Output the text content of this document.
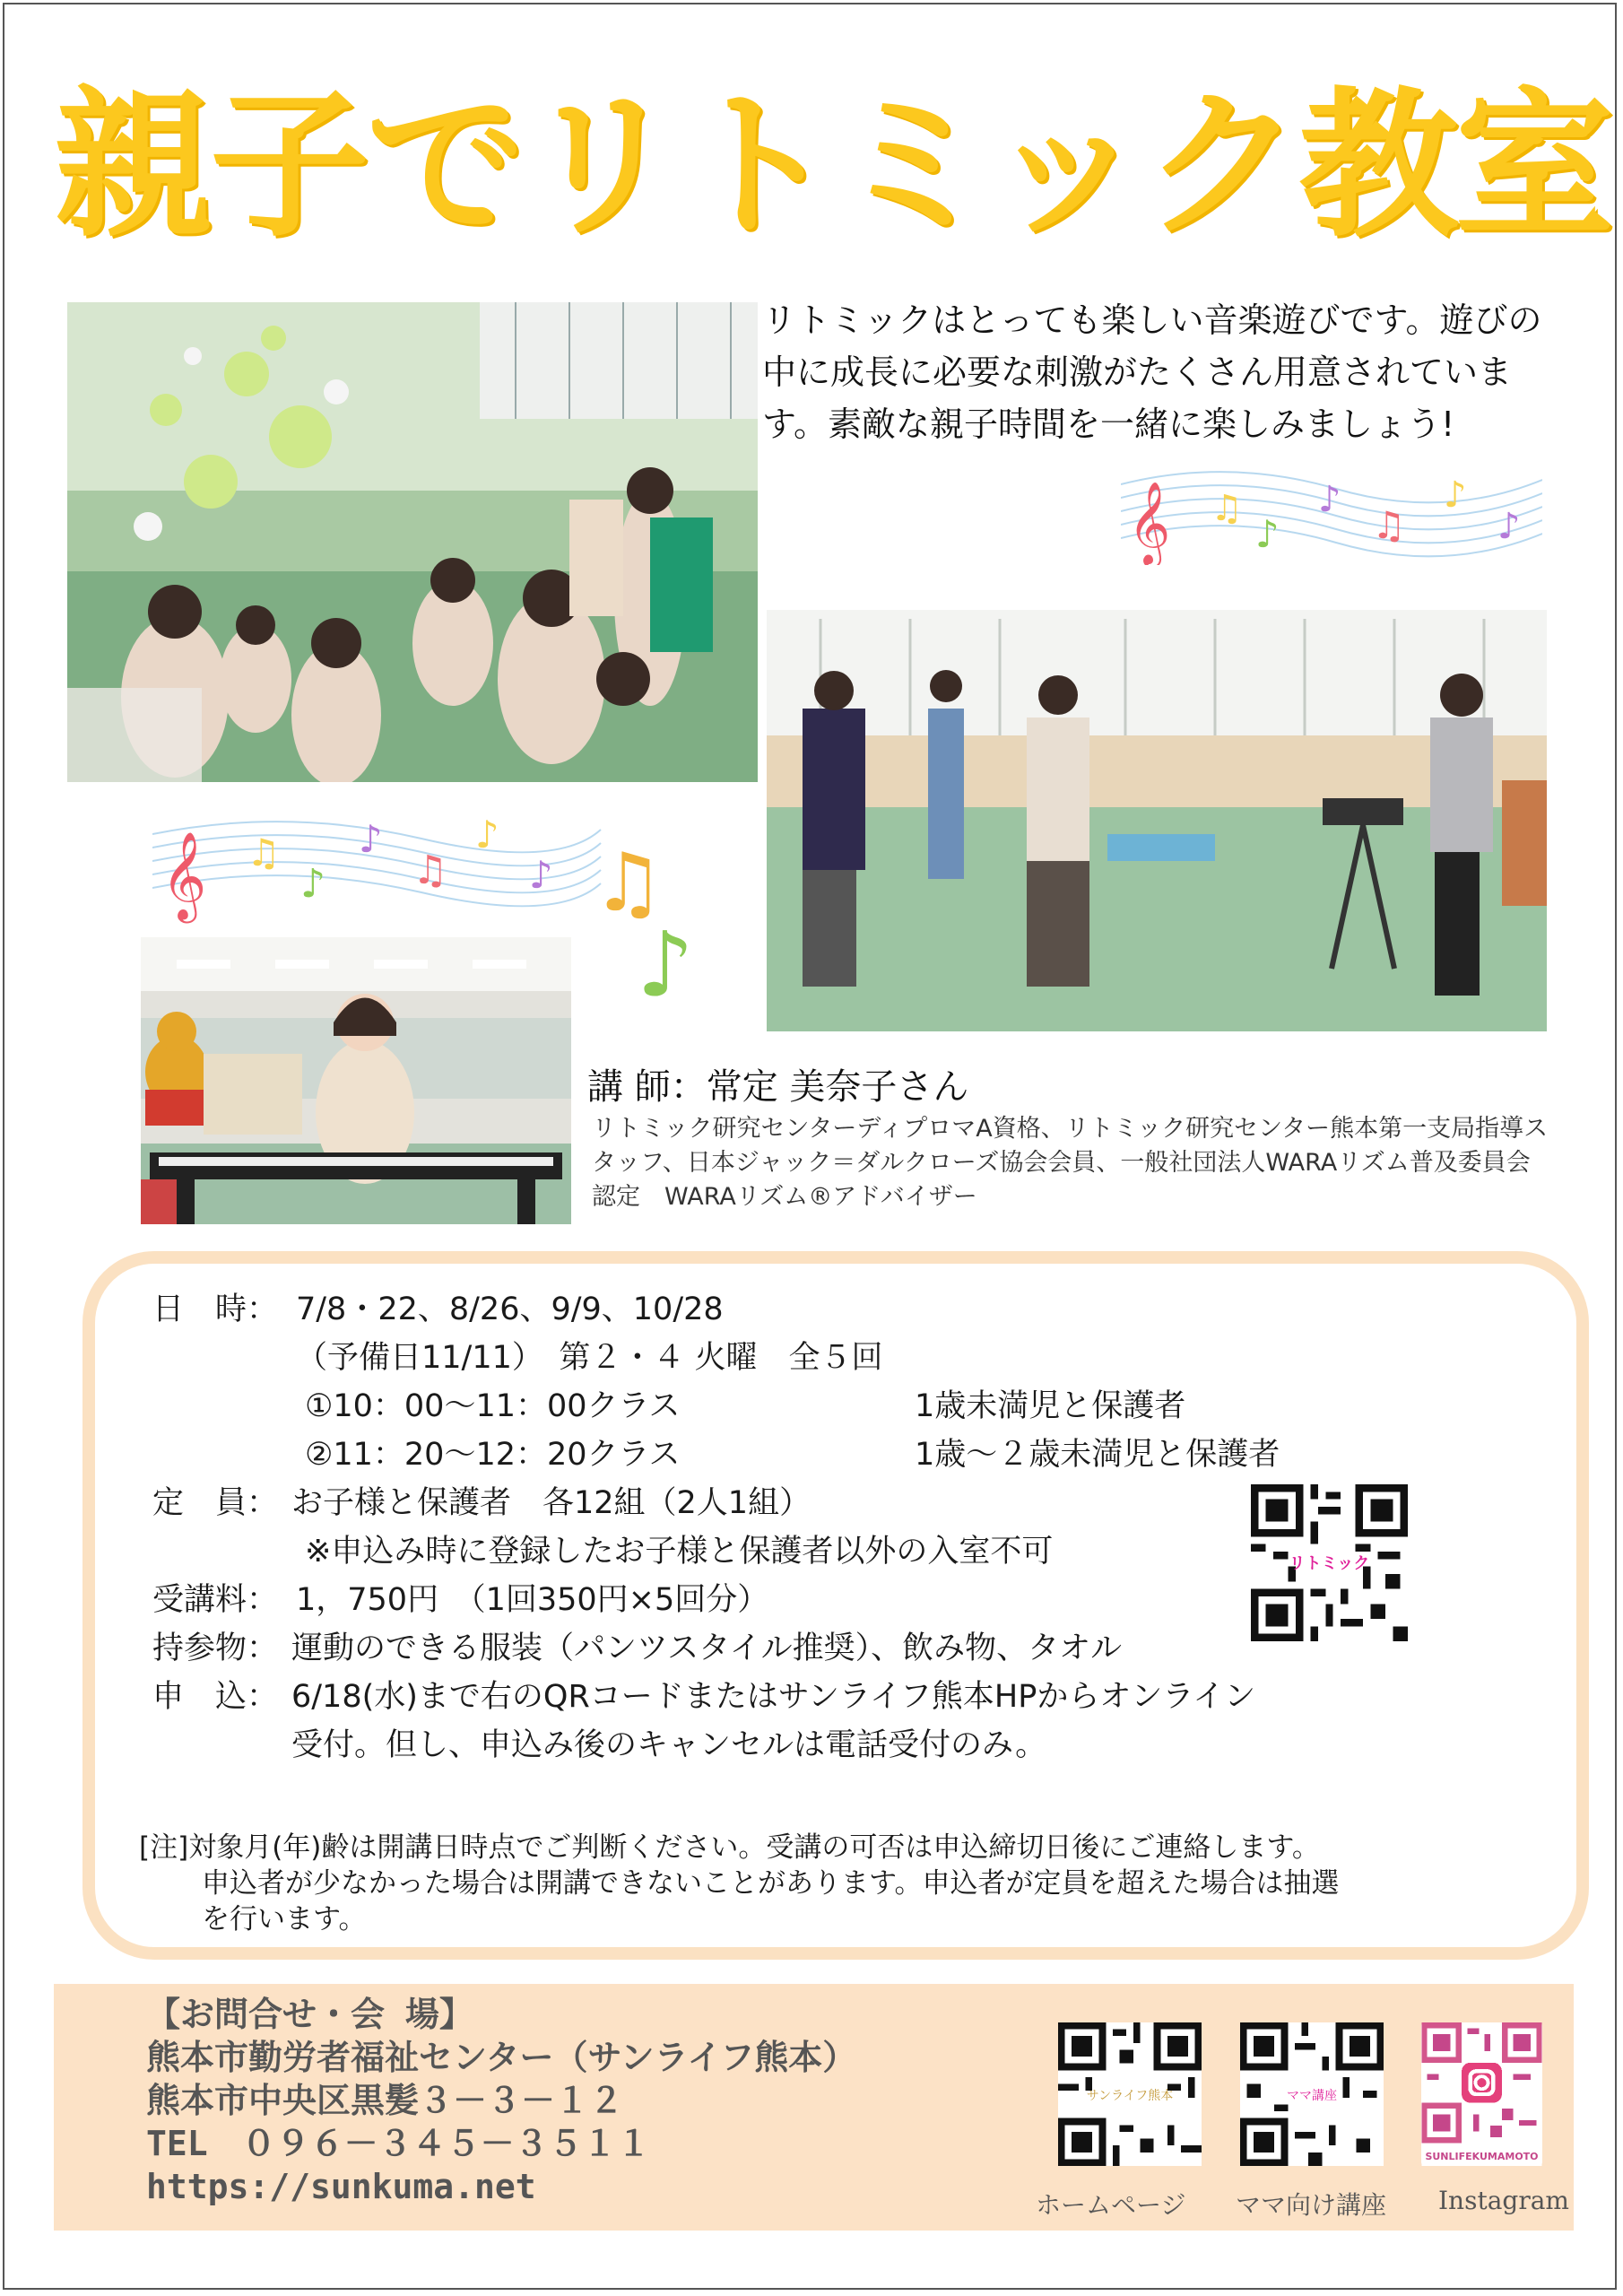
親子でリトミック教室
リトミックはとっても楽しい音楽遊びです。遊びの中に成長に必要な刺激がたくさん用意されています。素敵な親子時間を一緒に楽しみましょう!
𝄞 ♫
♪
♪
♫
♪
♪
𝄞 ♫
♪
♪
♫
♪
♪ ♫
♪
講 師：常定 美奈子さん
リトミック研究センターディプロマA資格、リトミック研究センター熊本第一支局指導スタッフ、日本ジャック＝ダルクローズ協会会員、一般社団法人WARAリズム普及委員会認定　WARAリズム®アドバイザー
日　時： 7/8・22、8/26、9/9、10/28
（予備日11/11）　第２・４ 火曜　全５回
①10：00～11：00クラス	1歳未満児と保護者
②11：20～12：20クラス	1歳～２歳未満児と保護者
定　員： お子様と保護者　各12組（2人1組）
※申込み時に登録したお子様と保護者以外の入室不可
受講料： 1，750円　（1回350円×5回分）
持参物： 運動のできる服装（パンツスタイル推奨）、飲み物、タオル
申　込： 6/18(水)まで右のQRコードまたはサンライフ熊本HPからオンライン
受付。但し、申込み後のキャンセルは電話受付のみ。
リトミック
[注]対象月(年)齢は開講日時点でご判断ください。受講の可否は申込締切日後にご連絡します。
申込者が少なかった場合は開講できないことがあります。申込者が定員を超えた場合は抽選
を行います。
【お問合せ・会 場】
熊本市勤労者福祉センター（サンライフ熊本）
熊本市中央区黒髪３－３－１２
TEL　０９６－３４５－３５１１
https://sunkuma.net
サンライフ熊本
ホームページ
ママ講座
ママ向け講座
SUNLIFEKUMAMOTO
Instagram
